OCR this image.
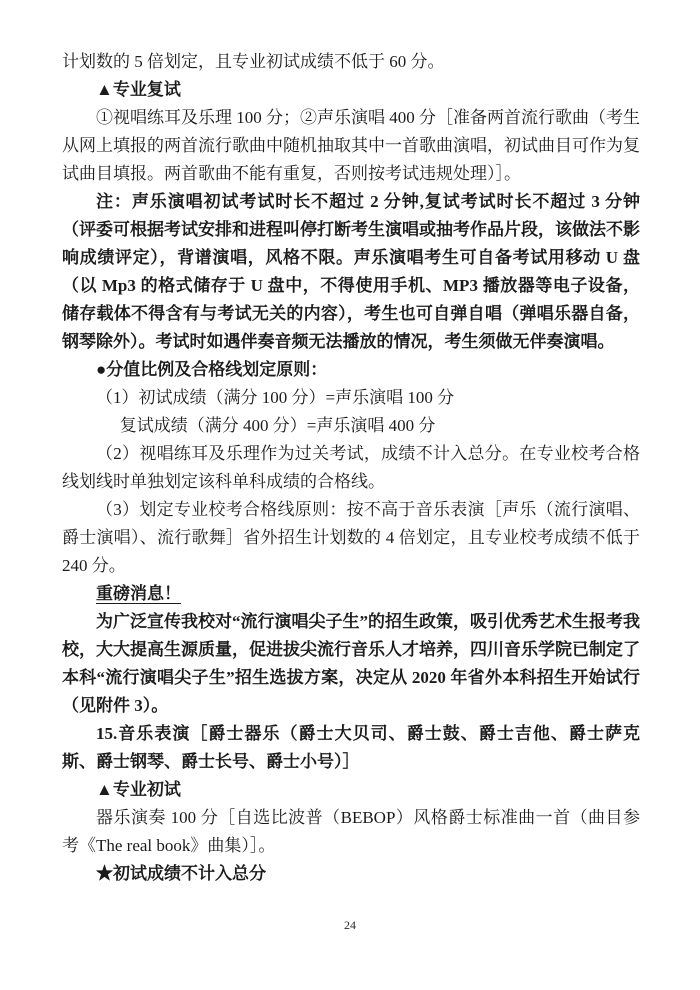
计划数的 5 倍划定，且专业初试成绩不低于 60 分。

▲专业复试

①视唱练耳及乐理 100 分；②声乐演唱 400 分［准备两首流行歌曲（考生从网上填报的两首流行歌曲中随机抽取其中一首歌曲演唱，初试曲目可作为复试曲目填报。两首歌曲不能有重复，否则按考试违规处理）］。

注：声乐演唱初试考试时长不超过 2 分钟,复试考试时长不超过 3 分钟（评委可根据考试安排和进程叫停打断考生演唱或抽考作品片段，该做法不影响成绩评定），背谱演唱，风格不限。声乐演唱考生可自备考试用移动 U 盘（以 Mp3 的格式储存于 U 盘中，不得使用手机、MP3 播放器等电子设备，储存载体不得含有与考试无关的内容），考生也可自弹自唱（弹唱乐器自备，钢琴除外）。考试时如遇伴奏音频无法播放的情况，考生须做无伴奏演唱。

●分值比例及合格线划定原则：

（1）初试成绩（满分 100 分）=声乐演唱 100 分

复试成绩（满分 400 分）=声乐演唱 400 分

（2）视唱练耳及乐理作为过关考试，成绩不计入总分。在专业校考合格线划线时单独划定该科单科成绩的合格线。

（3）划定专业校考合格线原则：按不高于音乐表演［声乐（流行演唱、爵士演唱）、流行歌舞］省外招生计划数的 4 倍划定，且专业校考成绩不低于 240 分。

重磅消息！

为广泛宣传我校对“流行演唱尖子生”的招生政策，吸引优秀艺术生报考我校，大大提高生源质量，促进拔尖流行音乐人才培养，四川音乐学院已制定了本科“流行演唱尖子生”招生选拔方案，决定从 2020 年省外本科招生开始试行（见附件 3）。

15.音乐表演［爵士器乐（爵士大贝司、爵士鼓、爵士吉他、爵士萨克斯、爵士钢琴、爵士长号、爵士小号）］

▲专业初试

器乐演奏 100 分［自选比波普（BEBOP）风格爵士标准曲一首（曲目参考《The real book》曲集）］。

★初试成绩不计入总分

24
